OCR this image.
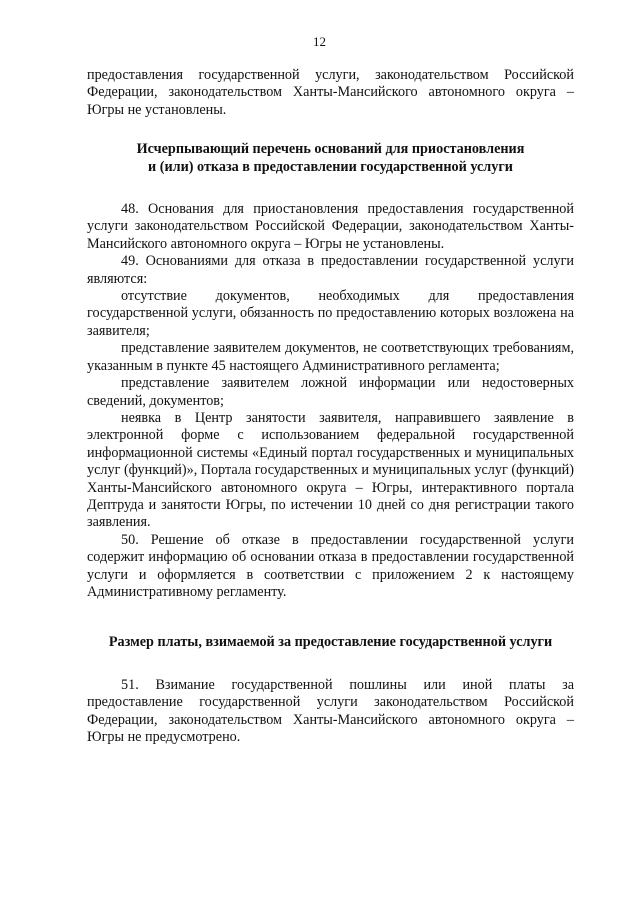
12

предоставления государственной услуги, законодательством Российской Федерации, законодательством Ханты-Мансийского автономного округа – Югры не установлены.

Исчерпывающий перечень оснований для приостановления

и (или) отказа в предоставлении государственной услуги

48. Основания для приостановления предоставления государственной услуги законодательством Российской Федерации, законодательством Ханты-Мансийского автономного округа – Югры не установлены.

49. Основаниями для отказа в предоставлении государственной услуги являются:

отсутствие документов, необходимых для предоставления государственной услуги, обязанность по предоставлению которых возложена на заявителя;

представление заявителем документов, не соответствующих требованиям, указанным в пункте 45 настоящего Административного регламента;

представление заявителем ложной информации или недостоверных сведений, документов;

неявка в Центр занятости заявителя, направившего заявление в электронной форме с использованием федеральной государственной информационной системы «Единый портал государственных и муниципальных услуг (функций)», Портала государственных и муниципальных услуг (функций) Ханты-Мансийского автономного округа – Югры, интерактивного портала Дептруда и занятости Югры, по истечении 10 дней со дня регистрации такого заявления.

50. Решение об отказе в предоставлении государственной услуги содержит информацию об основании отказа в предоставлении государственной услуги и оформляется в соответствии с приложением 2 к настоящему Административному регламенту.

Размер платы, взимаемой за предоставление государственной услуги

51. Взимание государственной пошлины или иной платы за предоставление государственной услуги законодательством Российской Федерации, законодательством Ханты-Мансийского автономного округа – Югры не предусмотрено.
